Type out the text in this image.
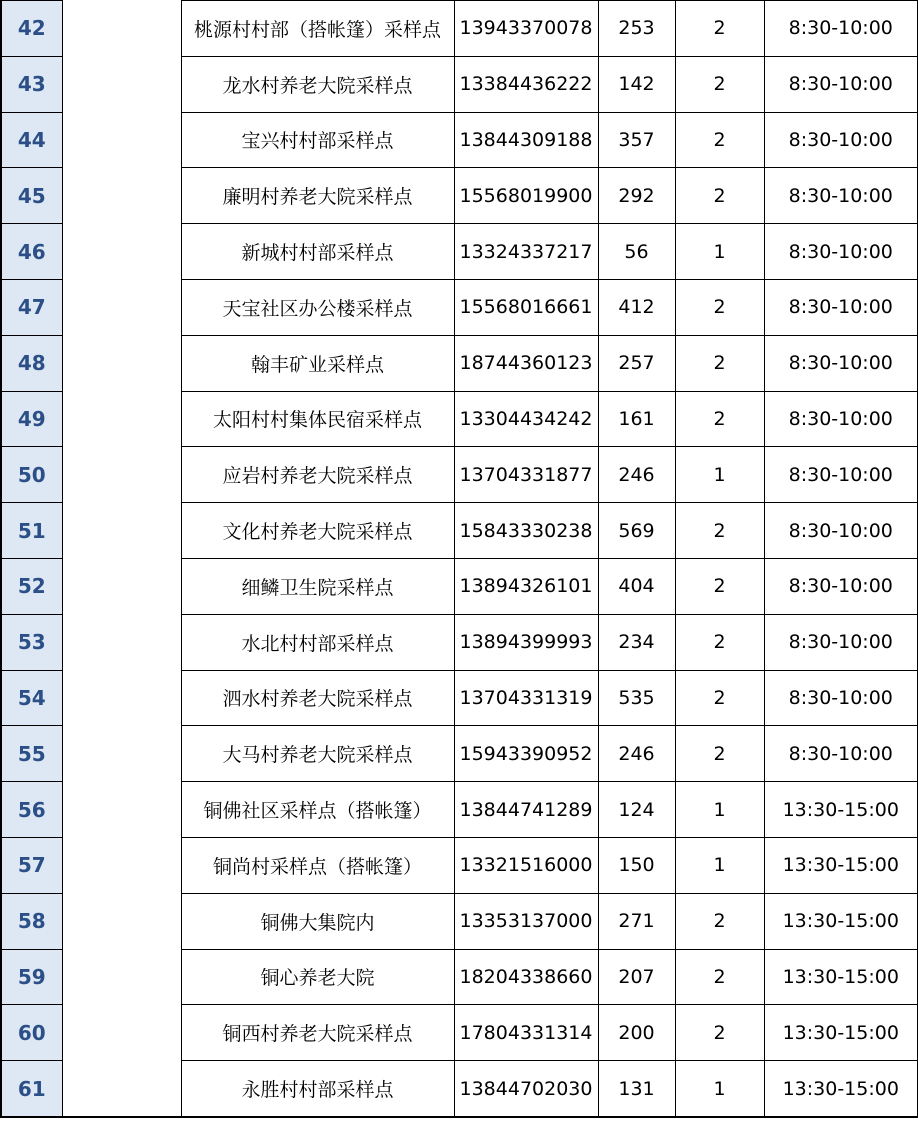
42		桃源村村部（搭帐篷）采样点	13943370078	253	2	8:30-10:00
43		龙水村养老大院采样点	13384436222	142	2	8:30-10:00
44		宝兴村村部采样点	13844309188	357	2	8:30-10:00
45		廉明村养老大院采样点	15568019900	292	2	8:30-10:00
46		新城村村部采样点	13324337217	56	1	8:30-10:00
47		天宝社区办公楼采样点	15568016661	412	2	8:30-10:00
48		翰丰矿业采样点	18744360123	257	2	8:30-10:00
49		太阳村村集体民宿采样点	13304434242	161	2	8:30-10:00
50		应岩村养老大院采样点	13704331877	246	1	8:30-10:00
51		文化村养老大院采样点	15843330238	569	2	8:30-10:00
52		细鳞卫生院采样点	13894326101	404	2	8:30-10:00
53		水北村村部采样点	13894399993	234	2	8:30-10:00
54		泗水村养老大院采样点	13704331319	535	2	8:30-10:00
55		大马村养老大院采样点	15943390952	246	2	8:30-10:00
56		铜佛社区采样点（搭帐篷）	13844741289	124	1	13:30-15:00
57		铜尚村采样点（搭帐篷）	13321516000	150	1	13:30-15:00
58		铜佛大集院内	13353137000	271	2	13:30-15:00
59		铜心养老大院	18204338660	207	2	13:30-15:00
60		铜西村养老大院采样点	17804331314	200	2	13:30-15:00
61		永胜村村部采样点	13844702030	131	1	13:30-15:00
